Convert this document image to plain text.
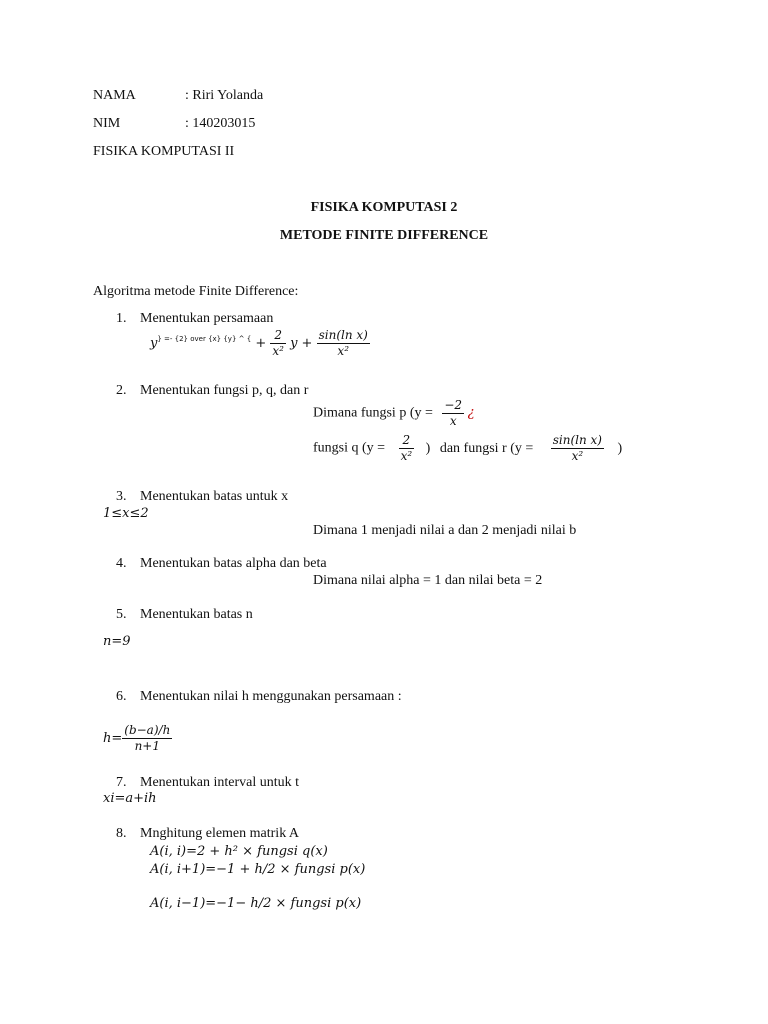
NAMA	: Riri Yolanda
NIM	: 140203015
FISIKA KOMPUTASI II
FISIKA KOMPUTASI 2
METODE FINITE DIFFERENCE
Algoritma metode Finite Difference:
1. Menentukan persamaan
$y^{\} =- \{2\} over \{x\} \{y\} \^{} \{} + \frac{2}{\text{x²}}$ $y + \frac{\text{sin(ln x)}}{\text{x²}}$
2. Menentukan fungsi p, q, dan r
Dimana fungsi p ($y = \frac{-2}{x}$ ¿
fungsi q ($y = \frac{2}{\text{x²}}$ ) dan fungsi r ($y = \frac{\text{sin(ln x)}}{\text{x²}}$ )
3. Menentukan batas untuk x
1≤x≤2
Dimana 1 menjadi nilai a dan 2 menjadi nilai b
4. Menentukan batas alpha dan beta
Dimana nilai alpha = 1 dan nilai beta = 2
5. Menentukan batas n
n=9
6. Menentukan nilai h menggunakan persamaan :
$h= \frac{(b-a)/h}{n+1}$
7. Menentukan interval untuk t
xi=a+ih
8. Mnghitung elemen matrik A
A(i, i)=2 + h² × fungsi q(x)
A(i, i+1)=−1 + h/2 × fungsi p(x)
A(i, i−1)=−1− h/2 × fungsi p(x)
